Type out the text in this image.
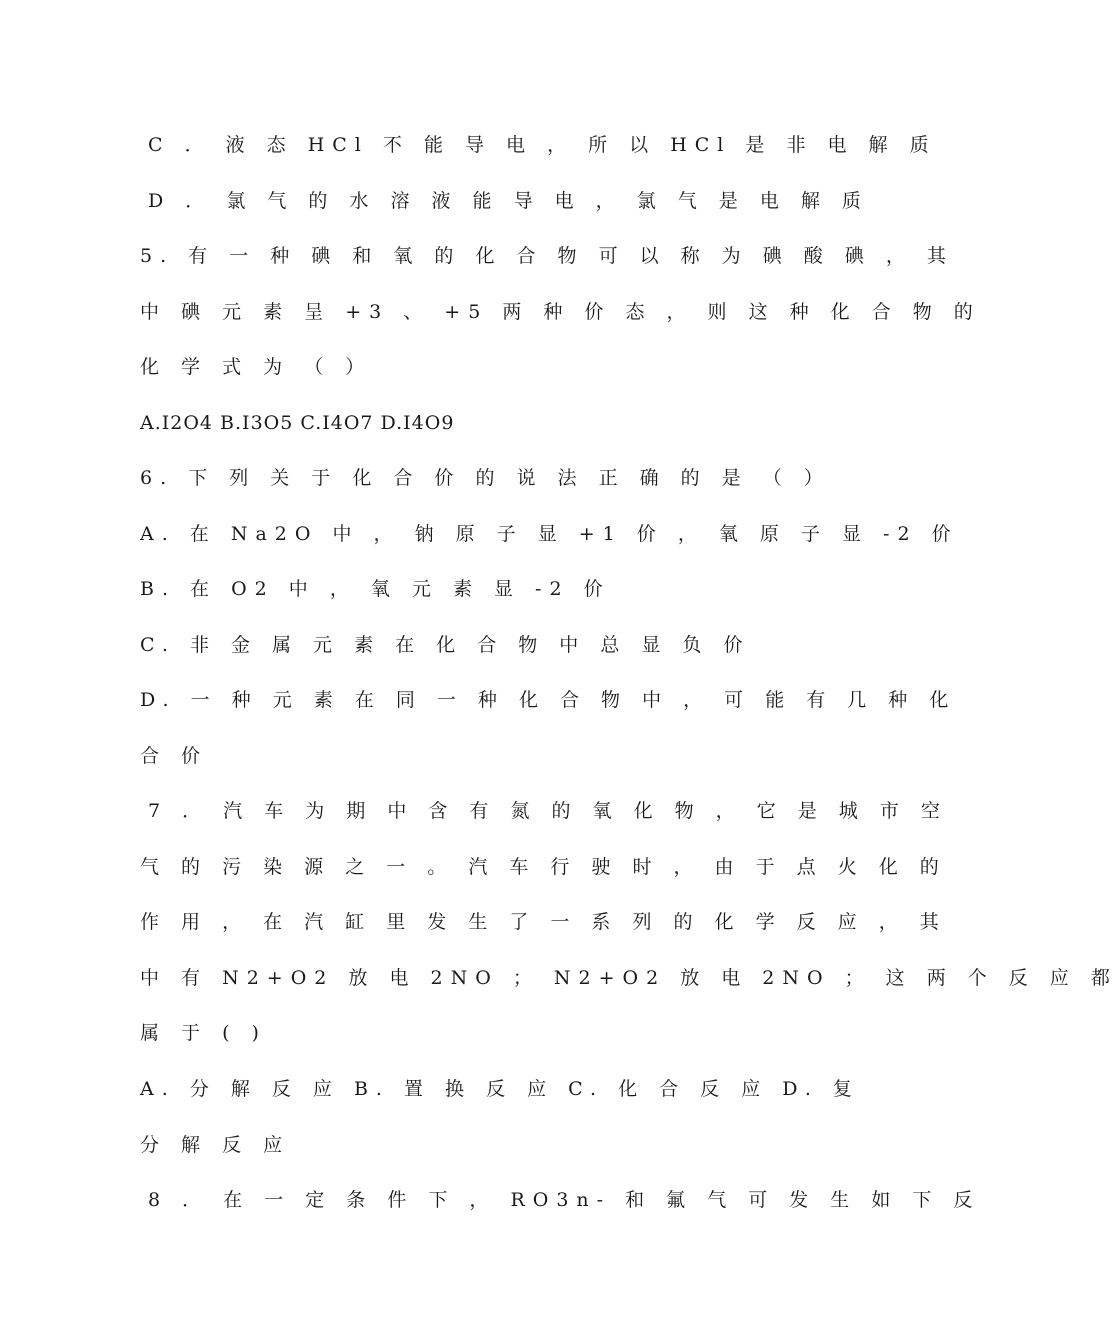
C ． 液 态 HCl 不 能 导 电 ， 所 以 HCl 是 非 电 解 质
D ． 氯 气 的 水 溶 液 能 导 电 ， 氯 气 是 电 解 质
5. 有 一 种 碘 和 氧 的 化 合 物 可 以 称 为 碘 酸 碘 ， 其
中 碘 元 素 呈 +3 、 +5 两 种 价 态 ， 则 这 种 化 合 物 的
化 学 式 为 （ ）
A.I2O4 B.I3O5 C.I4O7 D.I4O9
6. 下 列 关 于 化 合 价 的 说 法 正 确 的 是 （ ）
A. 在 Na2O 中 ， 钠 原 子 显 +1 价 ， 氧 原 子 显 -2 价
B. 在 O2 中 ， 氧 元 素 显 -2 价
C. 非 金 属 元 素 在 化 合 物 中 总 显 负 价
D. 一 种 元 素 在 同 一 种 化 合 物 中 ， 可 能 有 几 种 化
合 价
7 ． 汽 车 为 期 中 含 有 氮 的 氧 化 物 ， 它 是 城 市 空
气 的 污 染 源 之 一 。 汽 车 行 驶 时 ， 由 于 点 火 化 的
作 用 ， 在 汽 缸 里 发 生 了 一 系 列 的 化 学 反 应 ， 其
中 有 N2+O2 放 电 2NO ； N2+O2 放 电 2NO ； 这 两 个 反 应 都
属 于 ( )
A. 分 解 反 应 B. 置 换 反 应 C. 化 合 反 应 D. 复
分 解 反 应
8 ． 在 一 定 条 件 下 ， RO3n- 和 氟 气 可 发 生 如 下 反
